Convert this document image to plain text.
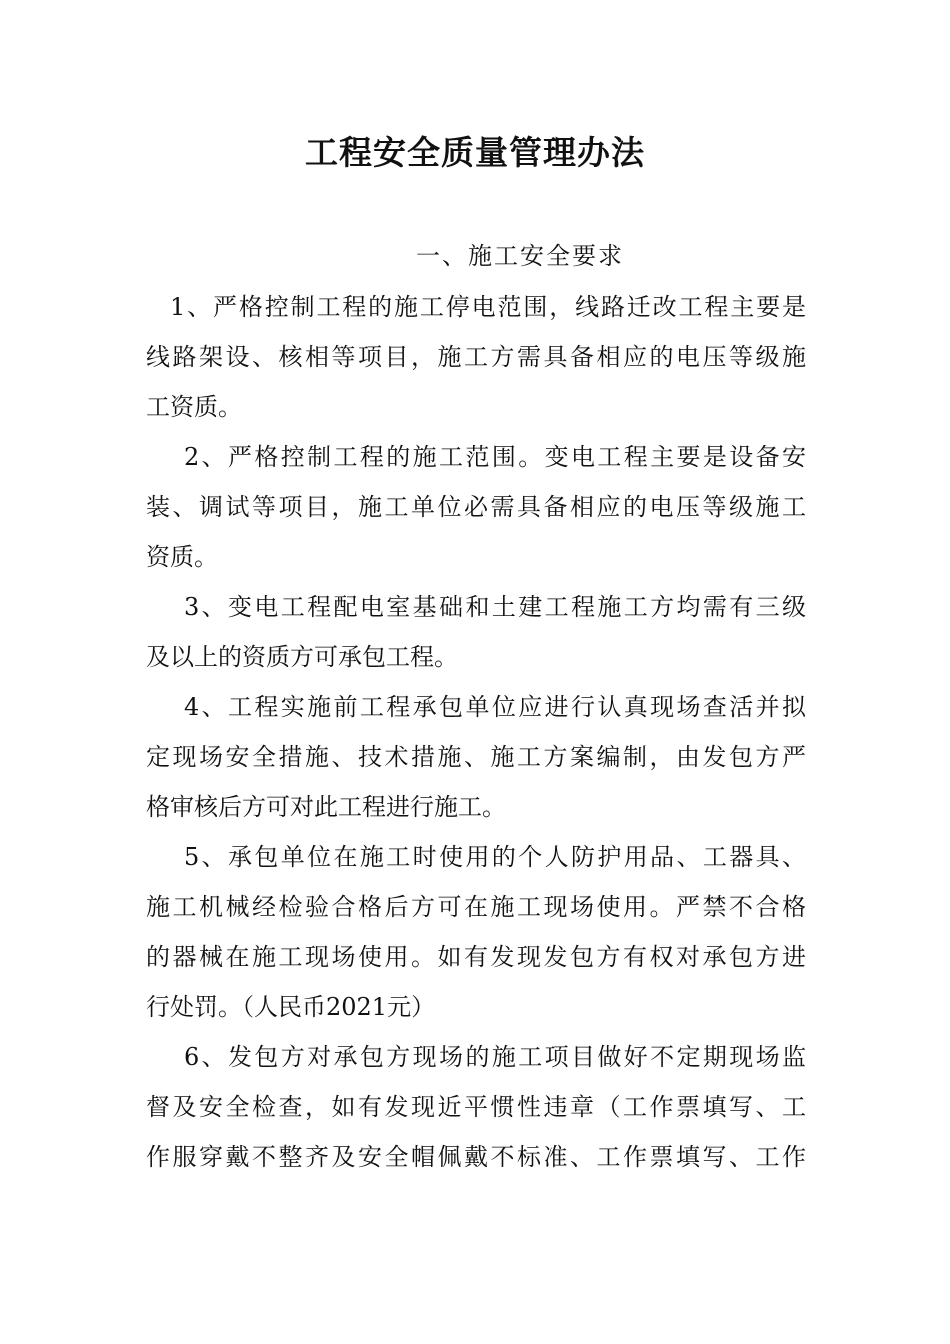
工程安全质量管理办法
一、施工安全要求
1、严格控制工程的施工停电范围，线路迁改工程主要是
线路架设、核相等项目，施工方需具备相应的电压等级施
工资质。
2、严格控制工程的施工范围。变电工程主要是设备安
装、调试等项目，施工单位必需具备相应的电压等级施工
资质。
3、变电工程配电室基础和土建工程施工方均需有三级
及以上的资质方可承包工程。
4、工程实施前工程承包单位应进行认真现场查活并拟
定现场安全措施、技术措施、施工方案编制，由发包方严
格审核后方可对此工程进行施工。
5、承包单位在施工时使用的个人防护用品、工器具、
施工机械经检验合格后方可在施工现场使用。严禁不合格
的器械在施工现场使用。如有发现发包方有权对承包方进
行处罚。（人民币2021元）
6、发包方对承包方现场的施工项目做好不定期现场监
督及安全检查，如有发现近平惯性违章（工作票填写、工
作服穿戴不整齐及安全帽佩戴不标准、工作票填写、工作
